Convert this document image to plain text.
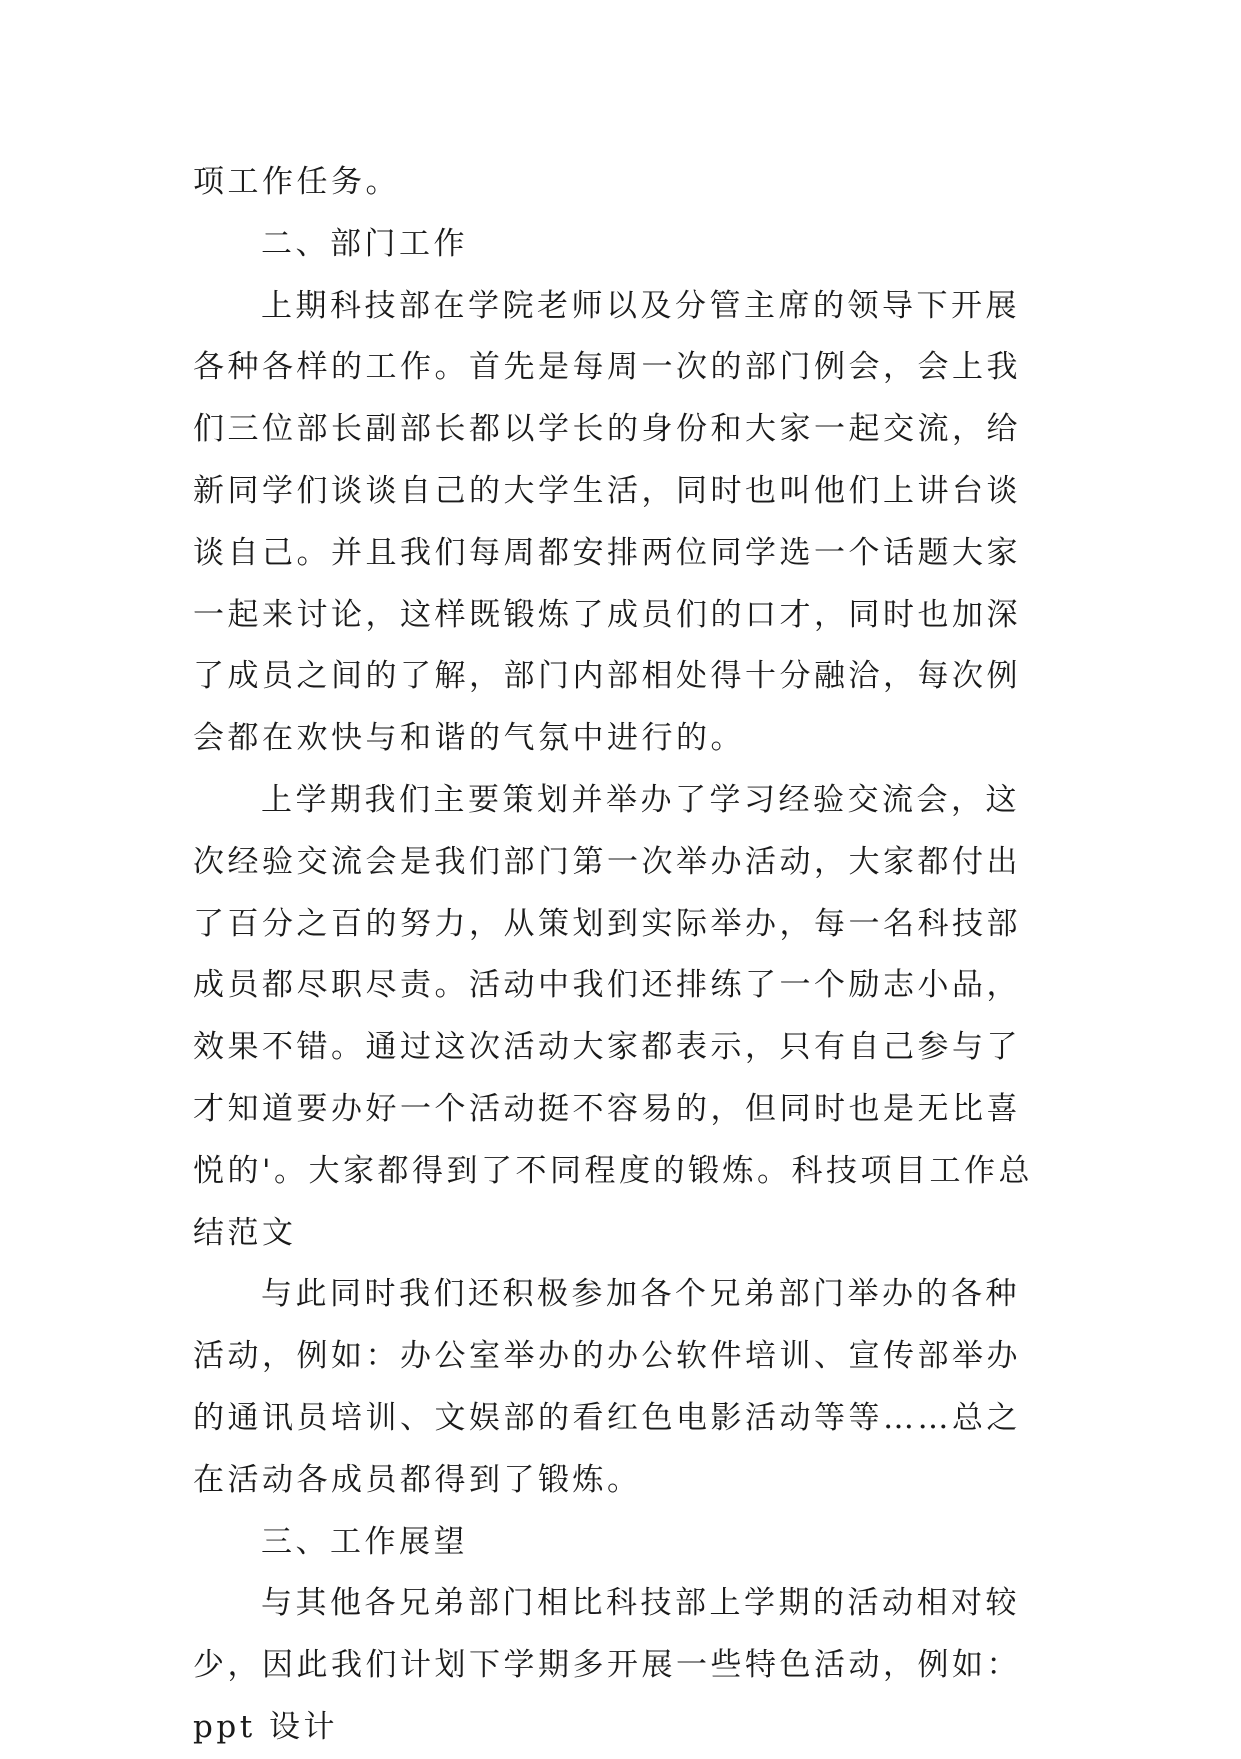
项工作任务。

二、部门工作

上期科技部在学院老师以及分管主席的领导下开展各种各样的工作。首先是每周一次的部门例会，会上我们三位部长副部长都以学长的身份和大家一起交流，给新同学们谈谈自己的大学生活，同时也叫他们上讲台谈谈自己。并且我们每周都安排两位同学选一个话题大家一起来讨论，这样既锻炼了成员们的口才，同时也加深了成员之间的了解，部门内部相处得十分融洽，每次例会都在欢快与和谐的气氛中进行的。

上学期我们主要策划并举办了学习经验交流会，这次经验交流会是我们部门第一次举办活动，大家都付出了百分之百的努力，从策划到实际举办，每一名科技部成员都尽职尽责。活动中我们还排练了一个励志小品，效果不错。通过这次活动大家都表示，只有自己参与了才知道要办好一个活动挺不容易的，但同时也是无比喜悦的'。大家都得到了不同程度的锻炼。科技项目工作总结范文

与此同时我们还积极参加各个兄弟部门举办的各种活动，例如：办公室举办的办公软件培训、宣传部举办的通讯员培训、文娱部的看红色电影活动等等……总之在活动各成员都得到了锻炼。

三、工作展望

与其他各兄弟部门相比科技部上学期的活动相对较少，因此我们计划下学期多开展一些特色活动，例如：ppt 设计
